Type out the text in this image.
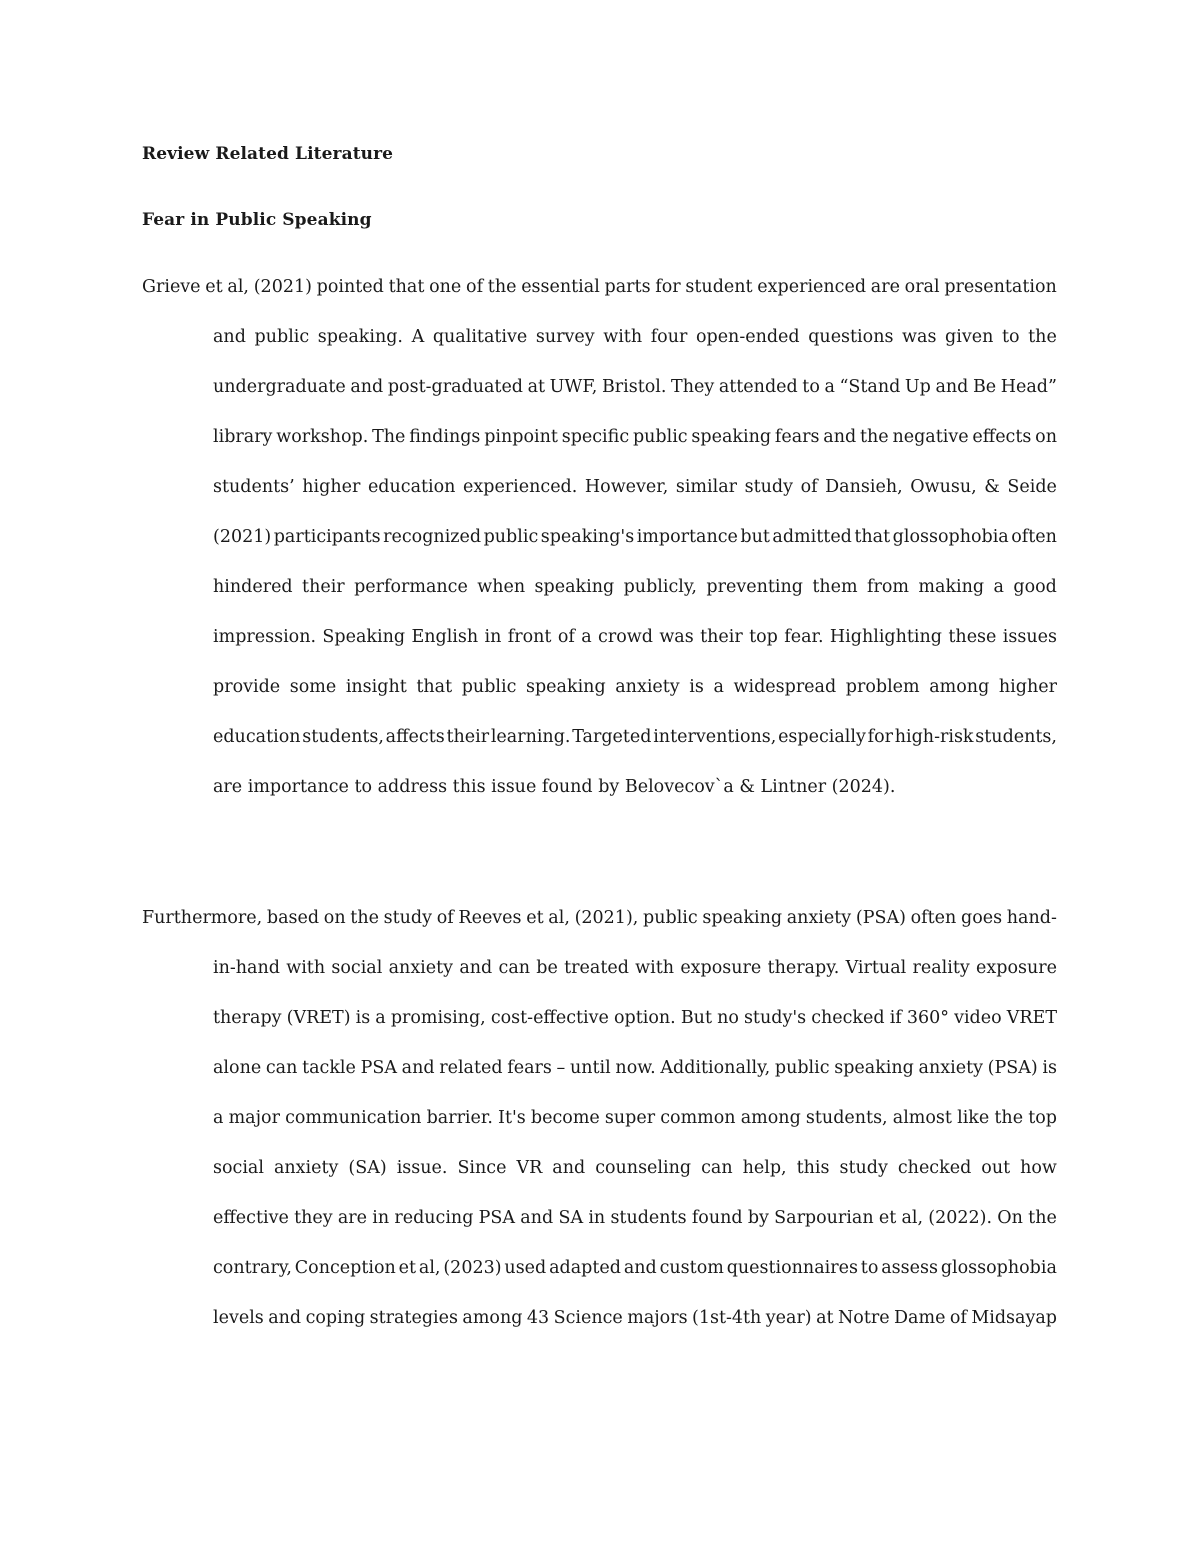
Review Related Literature
Fear in Public Speaking
Grieve et al, (2021) pointed that one of the essential parts for student experienced are oral presentation
and public speaking. A qualitative survey with four open-ended questions was given to the
undergraduate and post-graduated at UWF, Bristol. They attended to a “Stand Up and Be Head”
library workshop. The findings pinpoint specific public speaking fears and the negative effects on
students’ higher education experienced. However, similar study of Dansieh, Owusu, & Seide
(2021) participants recognized public speaking's importance but admitted that glossophobia often
hindered their performance when speaking publicly, preventing them from making a good
impression. Speaking English in front of a crowd was their top fear. Highlighting these issues
provide some insight that public speaking anxiety is a widespread problem among higher
education students, affects their learning. Targeted interventions, especially for high-risk students,
are importance to address this issue found by Belovecov`a & Lintner (2024).
Furthermore, based on the study of Reeves et al, (2021), public speaking anxiety (PSA) often goes hand-
in-hand with social anxiety and can be treated with exposure therapy. Virtual reality exposure
therapy (VRET) is a promising, cost-effective option. But no study's checked if 360° video VRET
alone can tackle PSA and related fears – until now. Additionally, public speaking anxiety (PSA) is
a major communication barrier. It's become super common among students, almost like the top
social anxiety (SA) issue. Since VR and counseling can help, this study checked out how
effective they are in reducing PSA and SA in students found by Sarpourian et al, (2022). On the
contrary, Conception et al, (2023) used adapted and custom questionnaires to assess glossophobia
levels and coping strategies among 43 Science majors (1st-4th year) at Notre Dame of Midsayap
